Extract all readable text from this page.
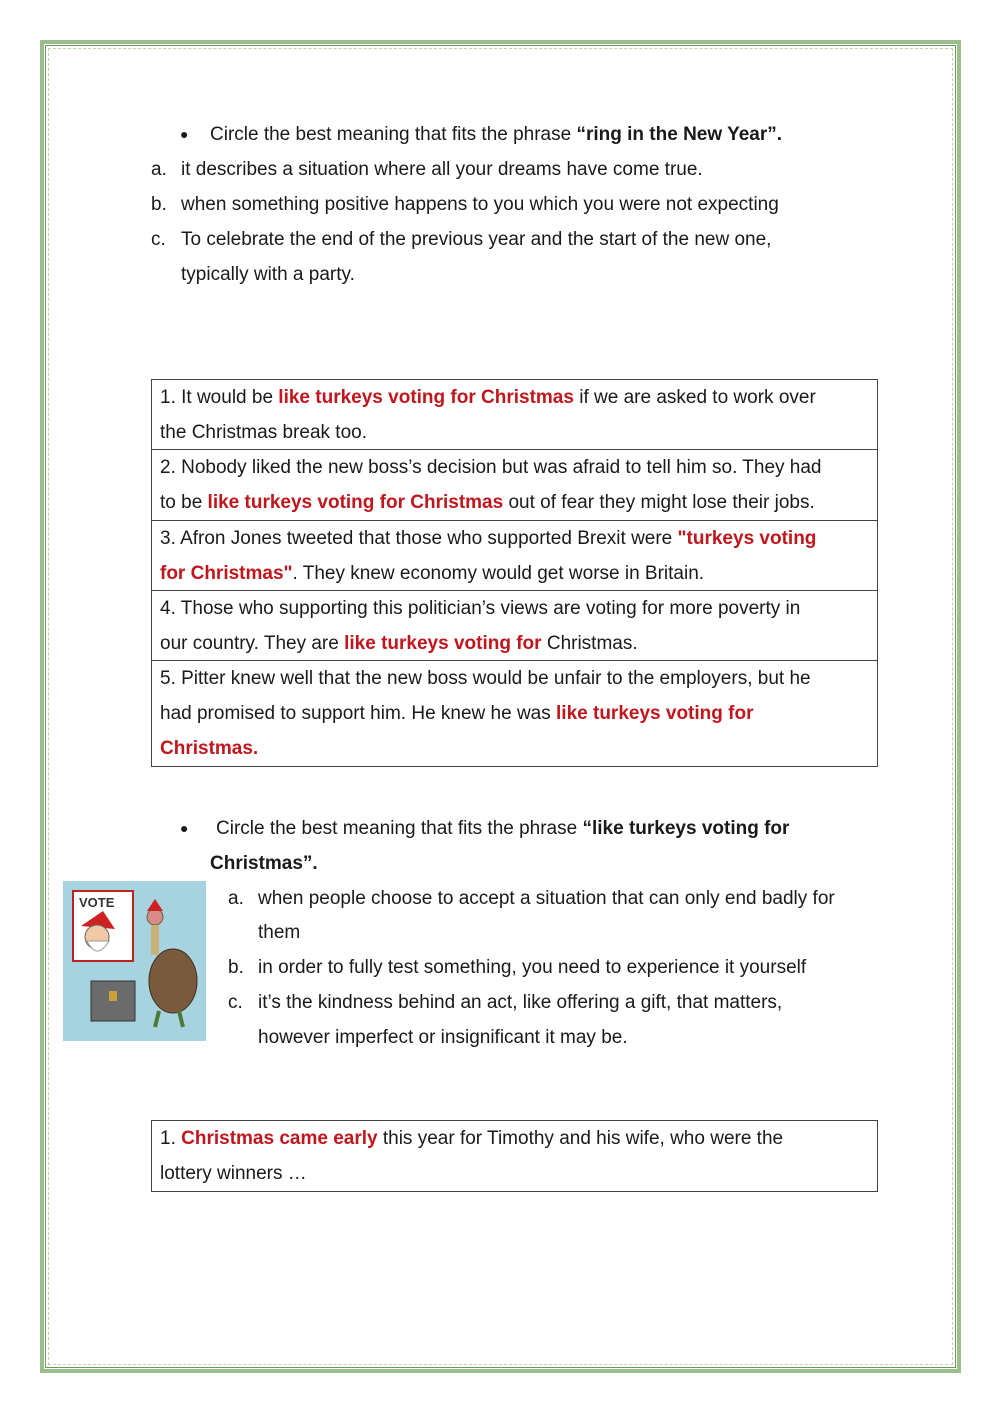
● Circle the best meaning that fits the phrase “ring in the New Year”.
a. it describes a situation where all your dreams have come true.
b. when something positive happens to you which you were not expecting
c. To celebrate the end of the previous year and the start of the new one,
typically with a party.
1. It would be like turkeys voting for Christmas if we are asked to work over
the Christmas break too.
2. Nobody liked the new boss’s decision but was afraid to tell him so. They had
to be like turkeys voting for Christmas out of fear they might lose their jobs.
3. Afron Jones tweeted that those who supported Brexit were "turkeys voting
for Christmas". They knew economy would get worse in Britain.
4. Those who supporting this politician’s views are voting for more poverty in
our country. They are like turkeys voting for Christmas.
5. Pitter knew well that the new boss would be unfair to the employers, but he
had promised to support him. He knew he was like turkeys voting for
Christmas.
● Circle the best meaning that fits the phrase “like turkeys voting for
Christmas”.
VOTE	a. when people choose to accept a situation that can only end badly for
them
b. in order to fully test something, you need to experience it yourself
c. it’s the kindness behind an act, like offering a gift, that matters,
however imperfect or insignificant it may be.
1. Christmas came early this year for Timothy and his wife, who were the
lottery winners …
